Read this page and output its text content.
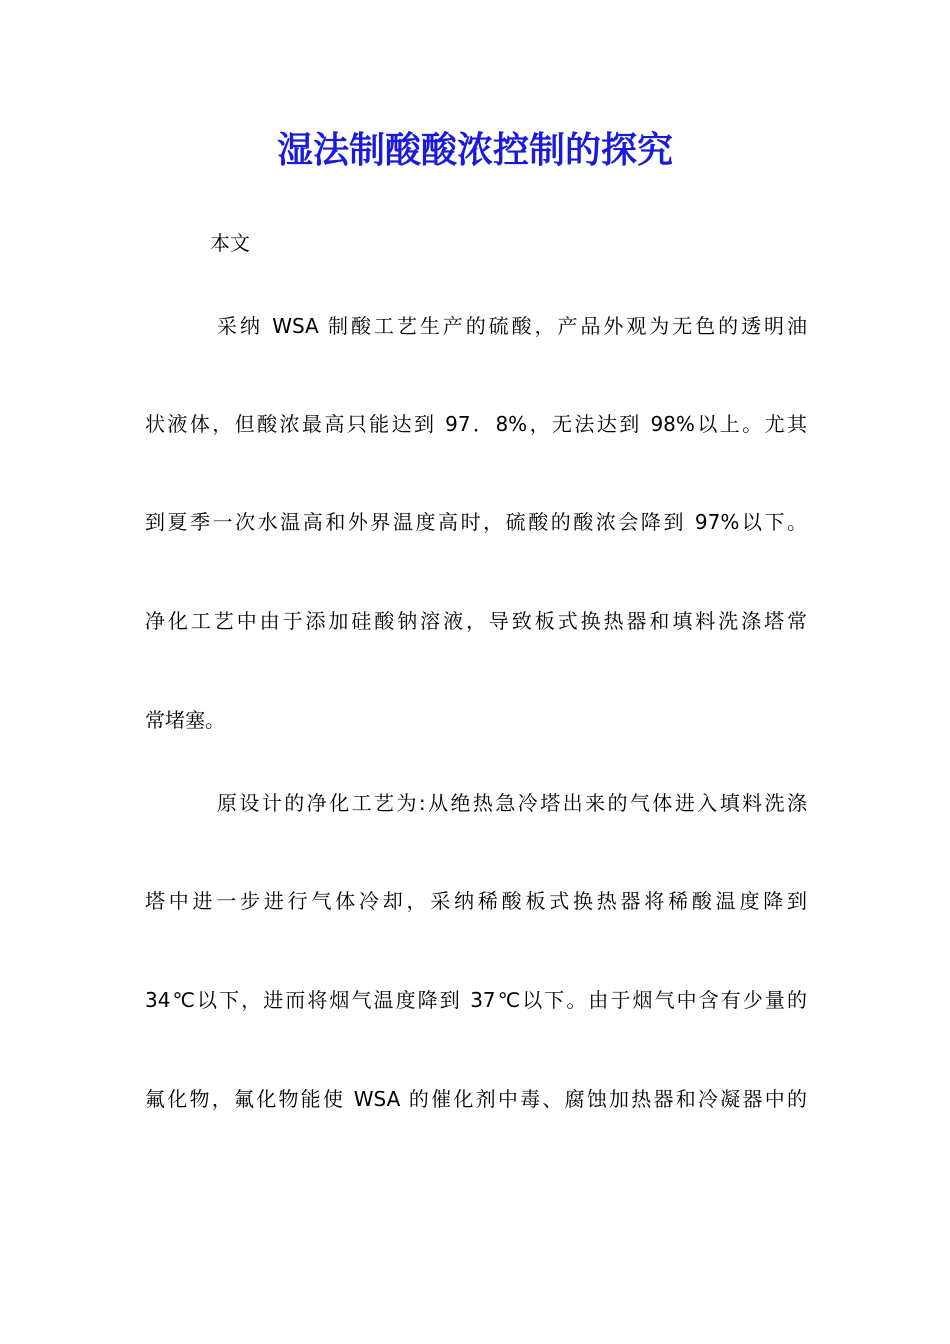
湿法制酸酸浓控制的探究
本文
采纳 WSA 制酸工艺生产的硫酸，产品外观为无色的透明油
状液体，但酸浓最高只能达到 97．8%，无法达到 98%以上。尤其
到夏季一次水温高和外界温度高时，硫酸的酸浓会降到 97%以下。
净化工艺中由于添加硅酸钠溶液，导致板式换热器和填料洗涤塔常
常堵塞。
原设计的净化工艺为:从绝热急冷塔出来的气体进入填料洗涤
塔中进一步进行气体冷却，采纳稀酸板式换热器将稀酸温度降到
34℃以下，进而将烟气温度降到 37℃以下。由于烟气中含有少量的
氟化物，氟化物能使 WSA 的催化剂中毒、腐蚀加热器和冷凝器中的
